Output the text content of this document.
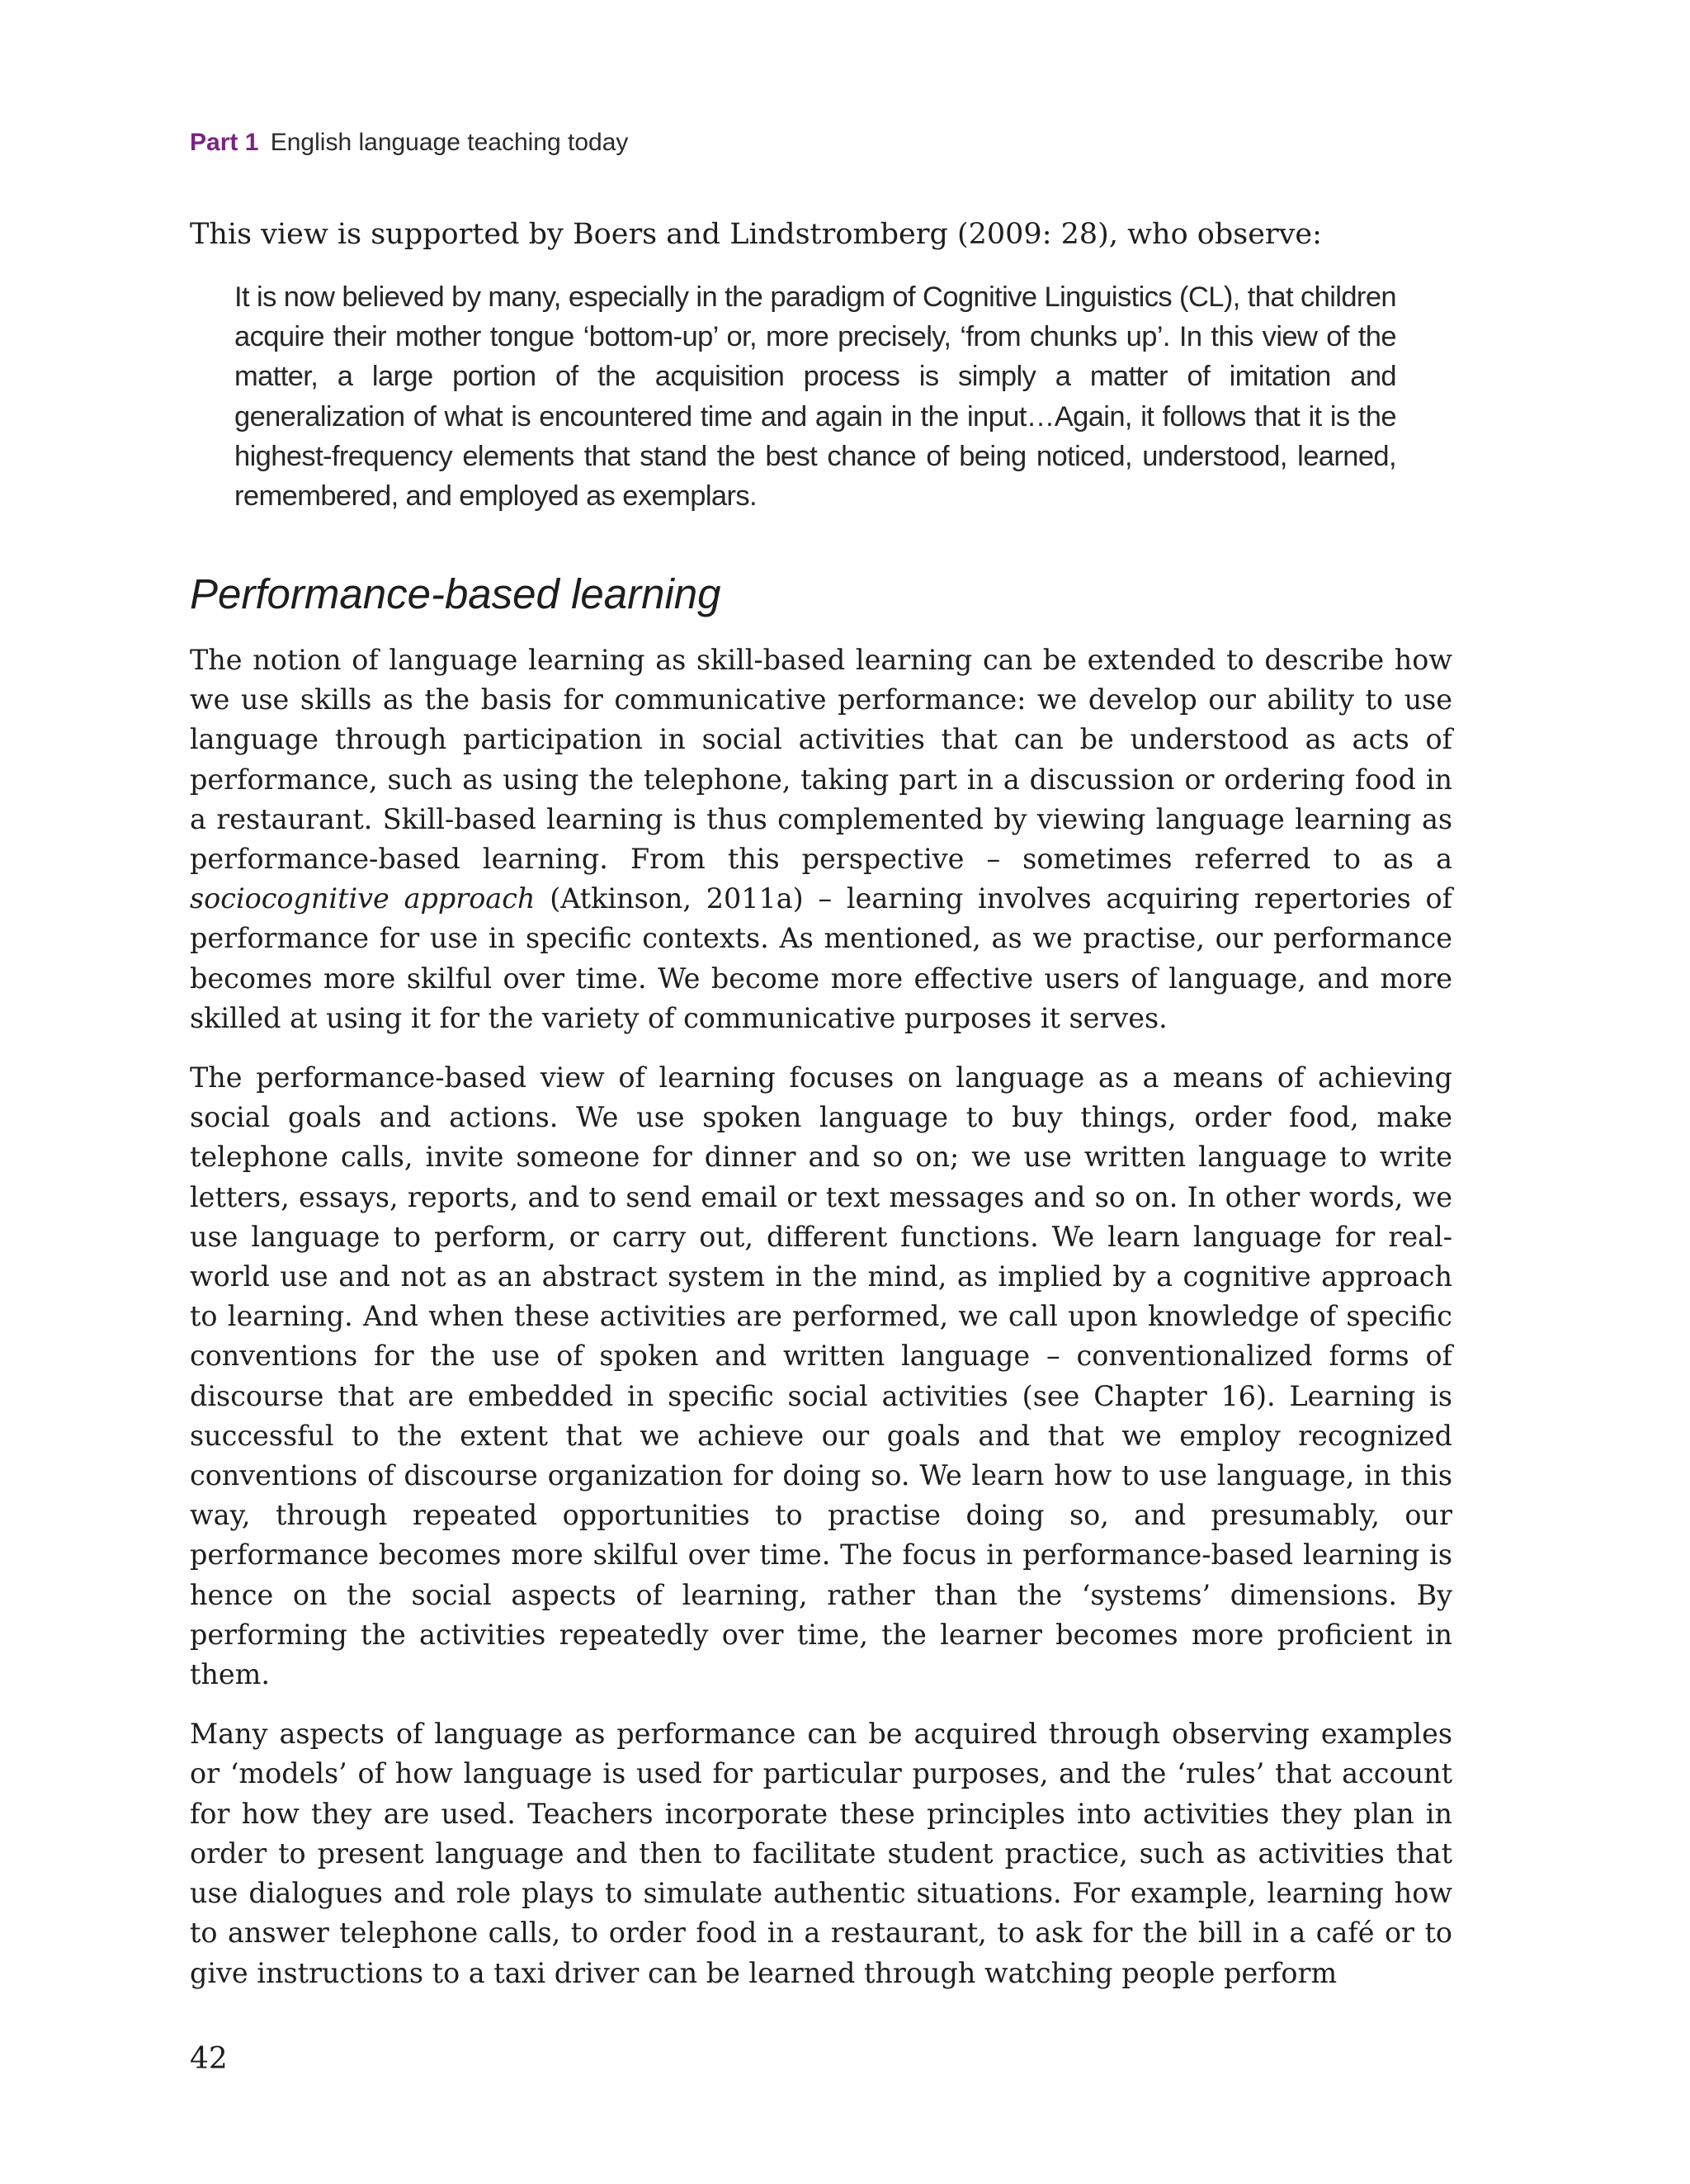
Part 1 English language teaching today
This view is supported by Boers and Lindstromberg (2009: 28), who observe:
It is now believed by many, especially in the paradigm of Cognitive Linguistics (CL), that children acquire their mother tongue ‘bottom-up’ or, more precisely, ‘from chunks up’. In this view of the matter, a large portion of the acquisition process is simply a matter of imitation and generalization of what is encountered time and again in the input…Again, it follows that it is the highest-frequency elements that stand the best chance of being noticed, understood, learned, remembered, and employed as exemplars.
Performance-based learning

The notion of language learning as skill-based learning can be extended to describe how we use skills as the basis for communicative performance: we develop our ability to use language through participation in social activities that can be understood as acts of performance, such as using the telephone, taking part in a discussion or ordering food in a restaurant. Skill-based learning is thus complemented by viewing language learning as performance-based learning. From this perspective – sometimes referred to as a sociocognitive approach (Atkinson, 2011a) – learning involves acquiring repertories of performance for use in specific contexts. As mentioned, as we practise, our performance becomes more skilful over time. We become more effective users of language, and more skilled at using it for the variety of communicative purposes it serves.

The performance-based view of learning focuses on language as a means of achieving social goals and actions. We use spoken language to buy things, order food, make telephone calls, invite someone for dinner and so on; we use written language to write letters, essays, reports, and to send email or text messages and so on. In other words, we use language to perform, or carry out, different functions. We learn language for real-world use and not as an abstract system in the mind, as implied by a cognitive approach to learning. And when these activities are performed, we call upon knowledge of specific conventions for the use of spoken and written language – conventionalized forms of discourse that are embedded in specific social activities (see Chapter 16). Learning is successful to the extent that we achieve our goals and that we employ recognized conventions of discourse organization for doing so. We learn how to use language, in this way, through repeated opportunities to practise doing so, and presumably, our performance becomes more skilful over time. The focus in performance-based learning is hence on the social aspects of learning, rather than the ‘systems’ dimensions. By performing the activities repeatedly over time, the learner becomes more proficient in them.

Many aspects of language as performance can be acquired through observing examples or ‘models’ of how language is used for particular purposes, and the ‘rules’ that account for how they are used. Teachers incorporate these principles into activities they plan in order to present language and then to facilitate student practice, such as activities that use dialogues and role plays to simulate authentic situations. For example, learning how to answer telephone calls, to order food in a restaurant, to ask for the bill in a café or to give instructions to a taxi driver can be learned through watching people perform

42
